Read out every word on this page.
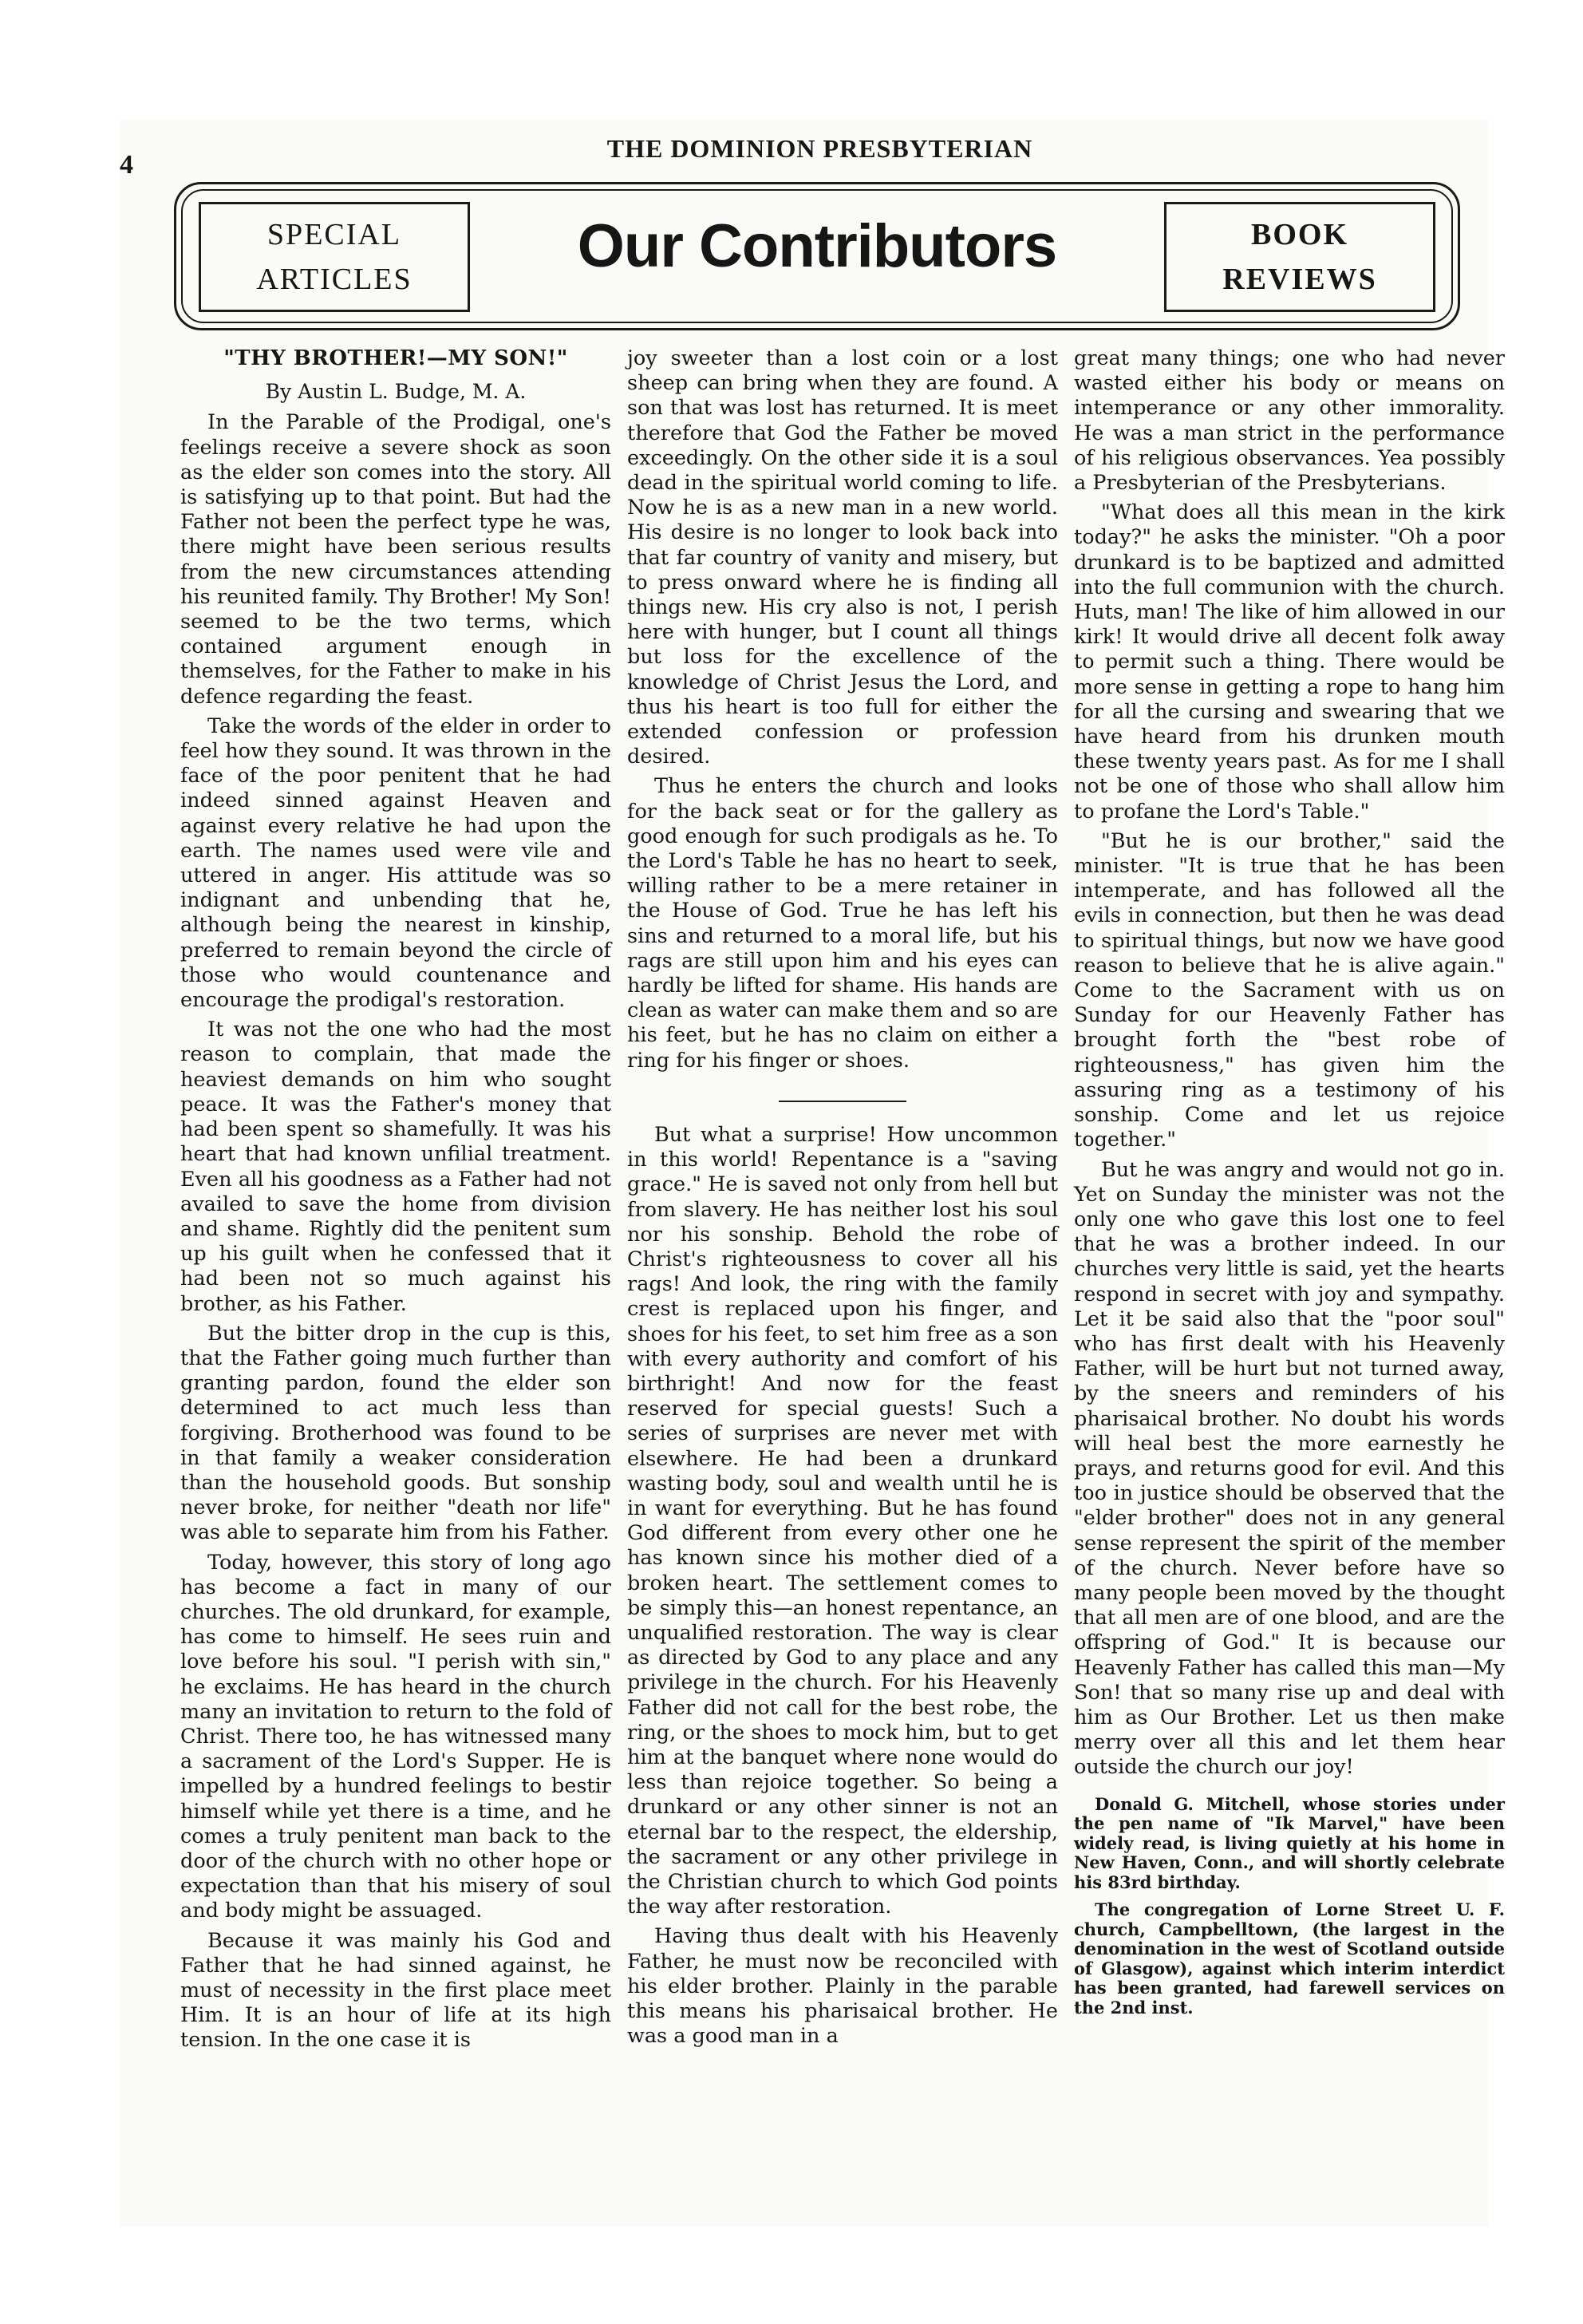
4
THE DOMINION PRESBYTERIAN
SPECIAL
ARTICLES	Our Contributors	BOOK
REVIEWS
"THY BROTHER!—MY SON!"
By Austin L. Budge, M. A.

In the Parable of the Prodigal, one's feelings receive a severe shock as soon as the elder son comes into the story. All is satisfying up to that point. But had the Father not been the perfect type he was, there might have been serious results from the new circumstances attending his reunited family. Thy Brother! My Son! seemed to be the two terms, which contained argument enough in themselves, for the Father to make in his defence regarding the feast.

Take the words of the elder in order to feel how they sound. It was thrown in the face of the poor penitent that he had indeed sinned against Heaven and against every relative he had upon the earth. The names used were vile and uttered in anger. His attitude was so indignant and unbending that he, although being the nearest in kinship, preferred to remain beyond the circle of those who would countenance and encourage the prodigal's restoration.

It was not the one who had the most reason to complain, that made the heaviest demands on him who sought peace. It was the Father's money that had been spent so shamefully. It was his heart that had known unfilial treatment. Even all his goodness as a Father had not availed to save the home from division and shame. Rightly did the penitent sum up his guilt when he confessed that it had been not so much against his brother, as his Father.

But the bitter drop in the cup is this, that the Father going much further than granting pardon, found the elder son determined to act much less than forgiving. Brotherhood was found to be in that family a weaker consideration than the household goods. But sonship never broke, for neither "death nor life" was able to separate him from his Father.

Today, however, this story of long ago has become a fact in many of our churches. The old drunkard, for example, has come to himself. He sees ruin and love before his soul. "I perish with sin," he exclaims. He has heard in the church many an invitation to return to the fold of Christ. There too, he has witnessed many a sacrament of the Lord's Supper. He is impelled by a hundred feelings to bestir himself while yet there is a time, and he comes a truly penitent man back to the door of the church with no other hope or expectation than that his misery of soul and body might be assuaged.

Because it was mainly his God and Father that he had sinned against, he must of necessity in the first place meet Him. It is an hour of life at its high tension. In the one case it is

joy sweeter than a lost coin or a lost sheep can bring when they are found. A son that was lost has returned. It is meet therefore that God the Father be moved exceedingly. On the other side it is a soul dead in the spiritual world coming to life. Now he is as a new man in a new world. His desire is no longer to look back into that far country of vanity and misery, but to press onward where he is finding all things new. His cry also is not, I perish here with hunger, but I count all things but loss for the excellence of the knowledge of Christ Jesus the Lord, and thus his heart is too full for either the extended confession or profession desired.

Thus he enters the church and looks for the back seat or for the gallery as good enough for such prodigals as he. To the Lord's Table he has no heart to seek, willing rather to be a mere retainer in the House of God. True he has left his sins and returned to a moral life, but his rags are still upon him and his eyes can hardly be lifted for shame. His hands are clean as water can make them and so are his feet, but he has no claim on either a ring for his finger or shoes.

But what a surprise! How uncommon in this world! Repentance is a "saving grace." He is saved not only from hell but from slavery. He has neither lost his soul nor his sonship. Behold the robe of Christ's righteousness to cover all his rags! And look, the ring with the family crest is replaced upon his finger, and shoes for his feet, to set him free as a son with every authority and comfort of his birthright! And now for the feast reserved for special guests! Such a series of surprises are never met with elsewhere. He had been a drunkard wasting body, soul and wealth until he is in want for everything. But he has found God different from every other one he has known since his mother died of a broken heart. The settlement comes to be simply this—an honest repentance, an unqualified restoration. The way is clear as directed by God to any place and any privilege in the church. For his Heavenly Father did not call for the best robe, the ring, or the shoes to mock him, but to get him at the banquet where none would do less than rejoice together. So being a drunkard or any other sinner is not an eternal bar to the respect, the eldership, the sacrament or any other privilege in the Christian church to which God points the way after restoration.

Having thus dealt with his Heavenly Father, he must now be reconciled with his elder brother. Plainly in the parable this means his pharisaical brother. He was a good man in a

great many things; one who had never wasted either his body or means on intemperance or any other immorality. He was a man strict in the performance of his religious observances. Yea possibly a Presbyterian of the Presbyterians.

"What does all this mean in the kirk today?" he asks the minister. "Oh a poor drunkard is to be baptized and admitted into the full communion with the church. Huts, man! The like of him allowed in our kirk! It would drive all decent folk away to permit such a thing. There would be more sense in getting a rope to hang him for all the cursing and swearing that we have heard from his drunken mouth these twenty years past. As for me I shall not be one of those who shall allow him to profane the Lord's Table."

"But he is our brother," said the minister. "It is true that he has been intemperate, and has followed all the evils in connection, but then he was dead to spiritual things, but now we have good reason to believe that he is alive again." Come to the Sacrament with us on Sunday for our Heavenly Father has brought forth the "best robe of righteousness," has given him the assuring ring as a testimony of his sonship. Come and let us rejoice together."

But he was angry and would not go in. Yet on Sunday the minister was not the only one who gave this lost one to feel that he was a brother indeed. In our churches very little is said, yet the hearts respond in secret with joy and sympathy. Let it be said also that the "poor soul" who has first dealt with his Heavenly Father, will be hurt but not turned away, by the sneers and reminders of his pharisaical brother. No doubt his words will heal best the more earnestly he prays, and returns good for evil. And this too in justice should be observed that the "elder brother" does not in any general sense represent the spirit of the member of the church. Never before have so many people been moved by the thought that all men are of one blood, and are the offspring of God." It is because our Heavenly Father has called this man—My Son! that so many rise up and deal with him as Our Brother. Let us then make merry over all this and let them hear outside the church our joy!

Donald G. Mitchell, whose stories under the pen name of "Ik Marvel," have been widely read, is living quietly at his home in New Haven, Conn., and will shortly celebrate his 83rd birthday.

The congregation of Lorne Street U. F. church, Campbelltown, (the largest in the denomination in the west of Scotland outside of Glasgow), against which interim interdict has been granted, had farewell services on the 2nd inst.
